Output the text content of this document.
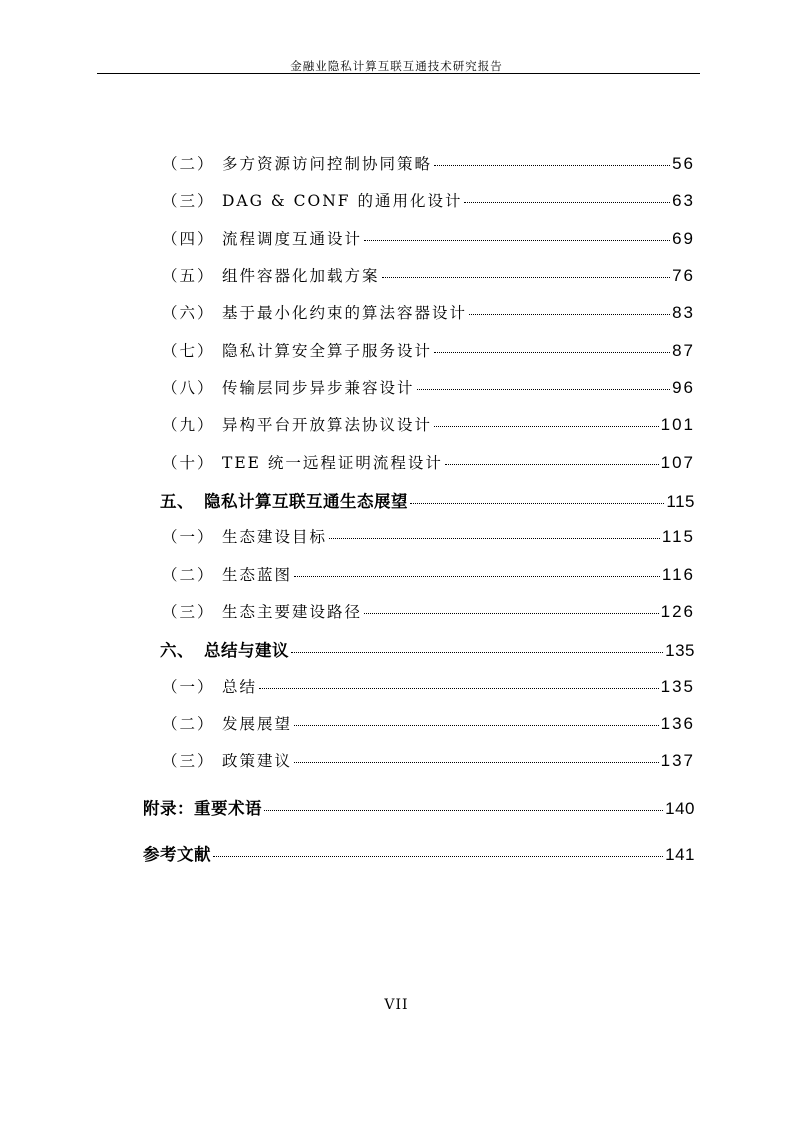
金融业隐私计算互联互通技术研究报告
（二） 多方资源访问控制协同策略	56
（三） DAG & CONF 的通用化设计	63
（四） 流程调度互通设计	69
（五） 组件容器化加载方案	76
（六） 基于最小化约束的算法容器设计	83
（七） 隐私计算安全算子服务设计	87
（八） 传输层同步异步兼容设计	96
（九） 异构平台开放算法协议设计	101
（十） TEE 统一远程证明流程设计	107
五、 隐私计算互联互通生态展望	115
（一） 生态建设目标	115
（二） 生态蓝图	116
（三） 生态主要建设路径	126
六、 总结与建议	135
（一） 总结	135
（二） 发展展望	136
（三） 政策建议	137
附录：重要术语	140
参考文献	141
VII
